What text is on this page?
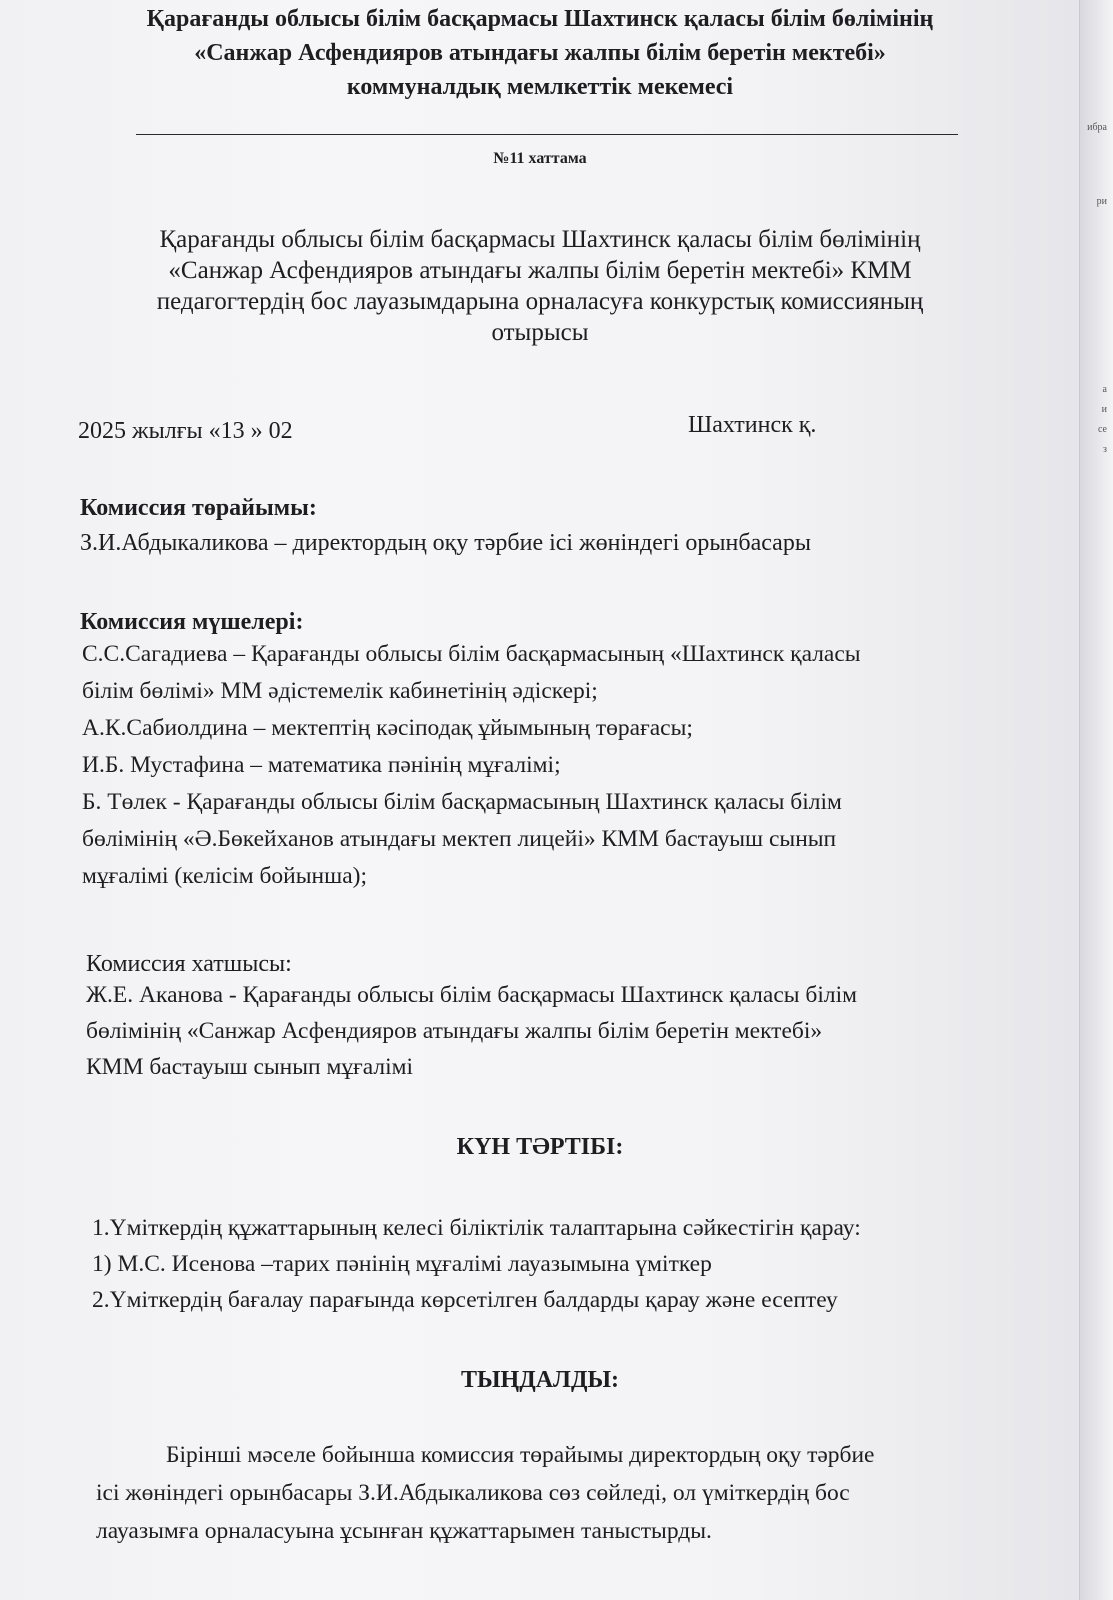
ибра
ри
а
и
се
з
Қарағанды облысы білім басқармасы Шахтинск қаласы білім бөлімінің
«Санжар Асфендияров атындағы жалпы білім беретін мектебі»
коммуналдық мемлкеттік мекемесі
№11 хаттама
Қарағанды облысы білім басқармасы Шахтинск қаласы білім бөлімінің
«Санжар Асфендияров атындағы жалпы білім беретін мектебі» КММ
педагогтердің бос лауазымдарына орналасуға конкурстық комиссияның
отырысы
2025 жылғы «13 » 02	Шахтинск қ.
Комиссия төрайымы:
З.И.Абдыкаликова – директордың оқу тәрбие ісі жөніндегі орынбасары
Комиссия мүшелері:
С.С.Сагадиева – Қарағанды облысы білім басқармасының «Шахтинск қаласы
білім бөлімі» ММ әдістемелік кабинетінің әдіскері;
А.К.Сабиолдина – мектептің кәсіподақ ұйымының төрағасы;
И.Б. Мустафина – математика пәнінің мұғалімі;
Б. Төлек - Қарағанды облысы білім басқармасының Шахтинск қаласы білім
бөлімінің «Ә.Бөкейханов атындағы мектеп лицейі» КММ бастауыш сынып
мұғалімі (келісім бойынша);
Комиссия хатшысы:
Ж.Е. Аканова - Қарағанды облысы білім басқармасы Шахтинск қаласы білім
бөлімінің «Санжар Асфендияров атындағы жалпы білім беретін мектебі»
КММ бастауыш сынып мұғалімі
КҮН ТӘРТІБІ:
1.Үміткердің құжаттарының келесі біліктілік талаптарына сәйкестігін қарау:
1) М.С. Исенова –тарих пәнінің мұғалімі лауазымына үміткер
2.Үміткердің бағалау парағында көрсетілген балдарды қарау және есептеу
ТЫҢДАЛДЫ:
Бірінші мәселе бойынша комиссия төрайымы директордың оқу тәрбие
ісі жөніндегі орынбасары З.И.Абдыкаликова сөз сөйледі, ол үміткердің бос
лауазымға орналасуына ұсынған құжаттарымен таныстырды.
